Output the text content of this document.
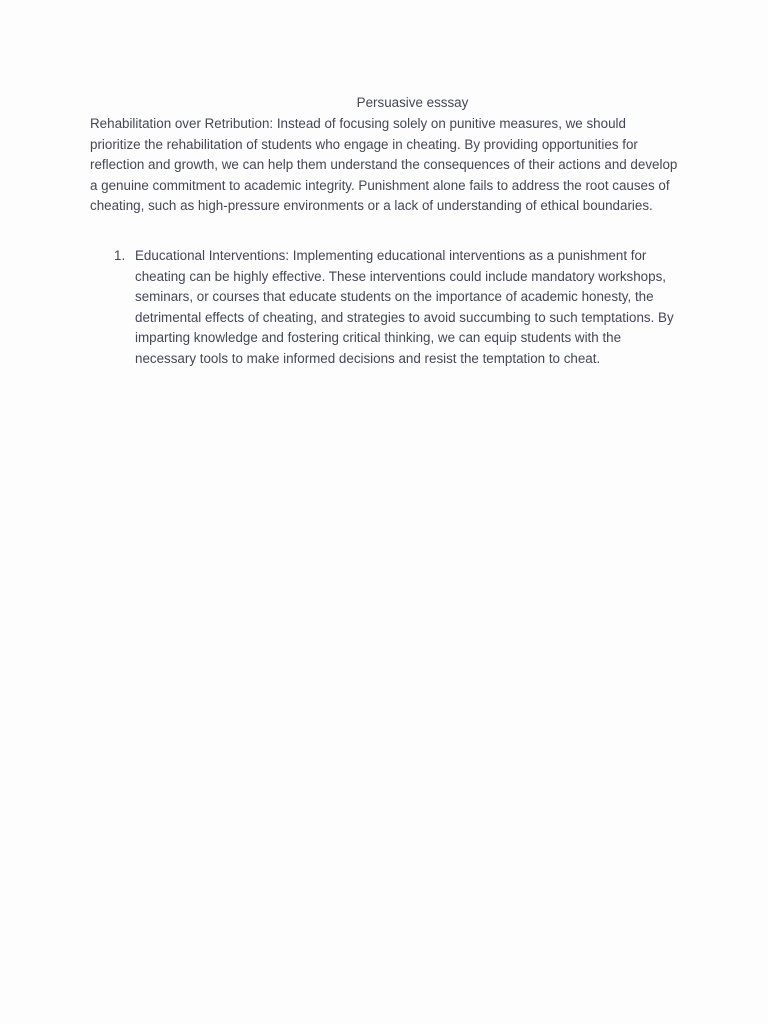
Persuasive esssay

Rehabilitation over Retribution: Instead of focusing solely on punitive measures, we should prioritize the rehabilitation of students who engage in cheating. By providing opportunities for reflection and growth, we can help them understand the consequences of their actions and develop a genuine commitment to academic integrity. Punishment alone fails to address the root causes of cheating, such as high-pressure environments or a lack of understanding of ethical boundaries.

1. Educational Interventions: Implementing educational interventions as a punishment for cheating can be highly effective. These interventions could include mandatory workshops, seminars, or courses that educate students on the importance of academic honesty, the detrimental effects of cheating, and strategies to avoid succumbing to such temptations. By imparting knowledge and fostering critical thinking, we can equip students with the necessary tools to make informed decisions and resist the temptation to cheat.
